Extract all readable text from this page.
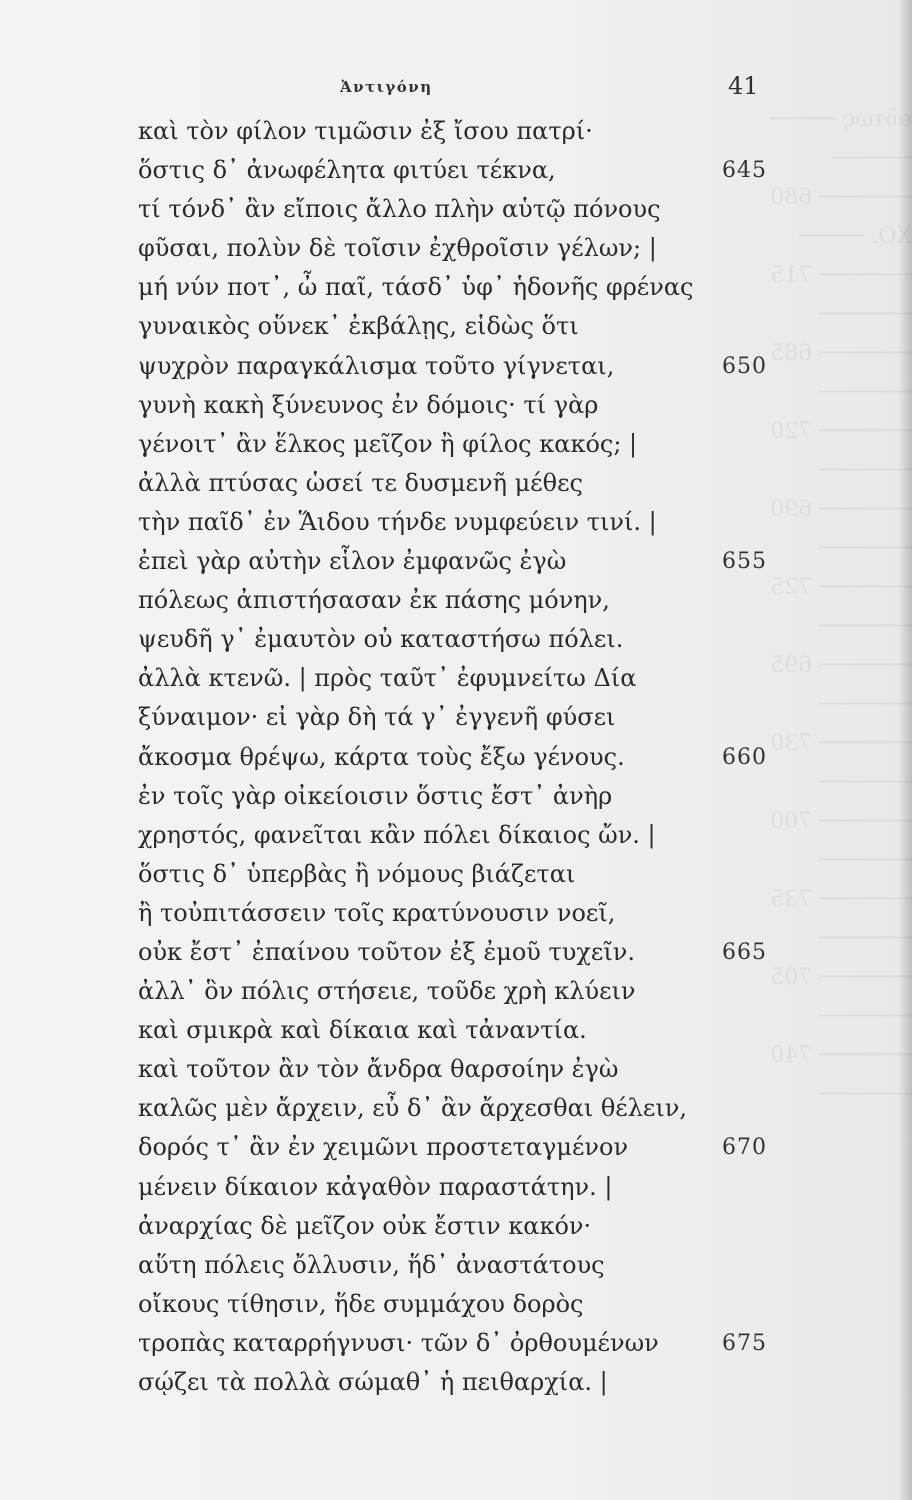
οὕτως ─────
──────
─────── 680
ΧΟ. ─────
─────── 715
───────
─────── 685
───────
─────── 720
───────
─────── 690
───────
─────── 725
───────
─────── 695
───────
─────── 730
───────
─────── 700
───────
─────── 735
───────
─────── 705
───────
─────── 740
───────
Ἀντιγόνη	41
καὶ τὸν φίλον τιμῶσιν ἐξ ἴσου πατρί·
ὅστις δ᾽ ἀνωφέλητα φιτύει τέκνα,	645
τί τόνδ᾽ ἂν εἴποις ἄλλο πλὴν αὑτῷ πόνους
φῦσαι, πολὺν δὲ τοῖσιν ἐχθροῖσιν γέλων; |
μή νύν ποτ᾽, ὦ παῖ, τάσδ᾽ ὑφ᾽ ἡδονῆς φρένας
γυναικὸς οὕνεκ᾽ ἐκβάλῃς, εἰδὼς ὅτι
ψυχρὸν παραγκάλισμα τοῦτο γίγνεται,	650
γυνὴ κακὴ ξύνευνος ἐν δόμοις· τί γὰρ
γένοιτ᾽ ἂν ἕλκος μεῖζον ἢ φίλος κακός; |
ἀλλὰ πτύσας ὡσεί τε δυσμενῆ μέθες
τὴν παῖδ᾽ ἐν Ἅιδου τήνδε νυμφεύειν τινί. |
ἐπεὶ γὰρ αὐτὴν εἷλον ἐμφανῶς ἐγὼ	655
πόλεως ἀπιστήσασαν ἐκ πάσης μόνην,
ψευδῆ γ᾽ ἐμαυτὸν οὐ καταστήσω πόλει.
ἀλλὰ κτενῶ. | πρὸς ταῦτ᾽ ἐφυμνείτω Δία
ξύναιμον· εἰ γὰρ δὴ τά γ᾽ ἐγγενῆ φύσει
ἄκοσμα θρέψω, κάρτα τοὺς ἔξω γένους.	660
ἐν τοῖς γὰρ οἰκείοισιν ὅστις ἔστ᾽ ἀνὴρ
χρηστός, φανεῖται κἂν πόλει δίκαιος ὤν. |
ὅστις δ᾽ ὑπερβὰς ἢ νόμους βιάζεται
ἢ τοὐπιτάσσειν τοῖς κρατύνουσιν νοεῖ,
οὐκ ἔστ᾽ ἐπαίνου τοῦτον ἐξ ἐμοῦ τυχεῖν.	665
ἀλλ᾽ ὃν πόλις στήσειε, τοῦδε χρὴ κλύειν
καὶ σμικρὰ καὶ δίκαια καὶ τἀναντία.
καὶ τοῦτον ἂν τὸν ἄνδρα θαρσοίην ἐγὼ
καλῶς μὲν ἄρχειν, εὖ δ᾽ ἂν ἄρχεσθαι θέλειν,
δορός τ᾽ ἂν ἐν χειμῶνι προστεταγμένον	670
μένειν δίκαιον κἀγαθὸν παραστάτην. |
ἀναρχίας δὲ μεῖζον οὐκ ἔστιν κακόν·
αὕτη πόλεις ὄλλυσιν, ἥδ᾽ ἀναστάτους
οἴκους τίθησιν, ἥδε συμμάχου δορὸς
τροπὰς καταρρήγνυσι· τῶν δ᾽ ὀρθουμένων	675
σῴζει τὰ πολλὰ σώμαθ᾽ ἡ πειθαρχία. |
